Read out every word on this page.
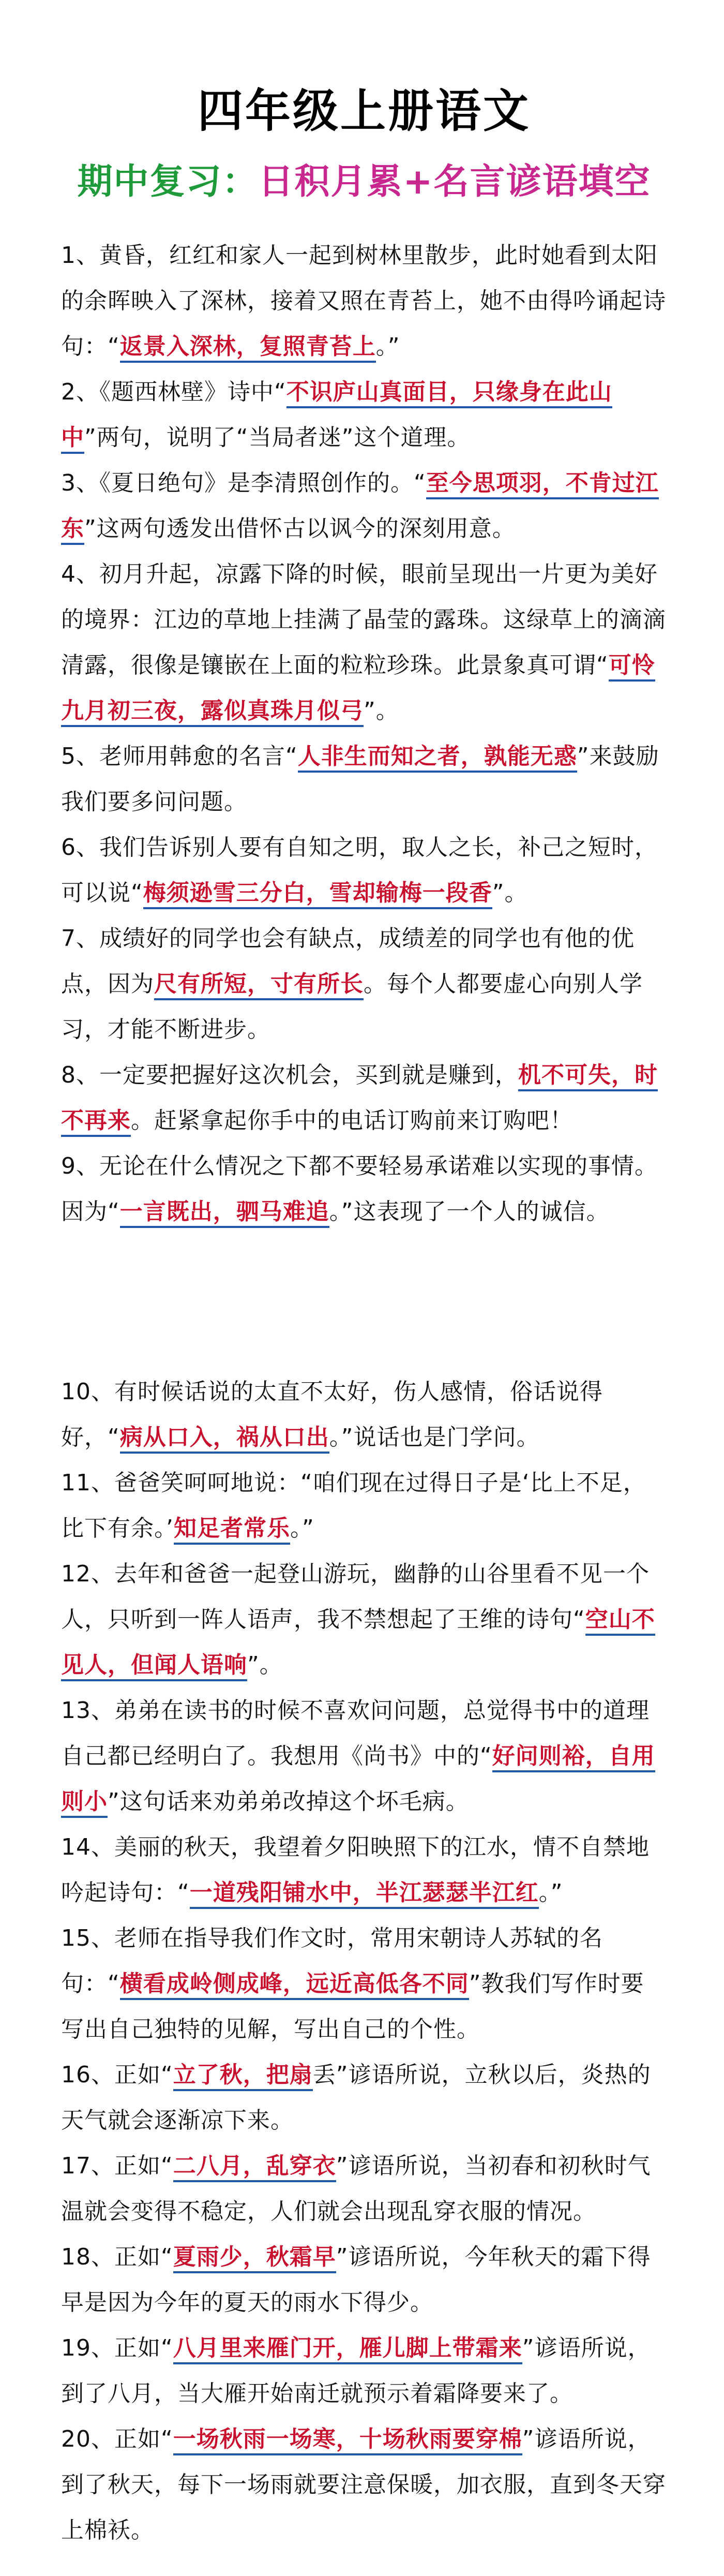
四年级上册语文
期中复习：日积月累+名言谚语填空

1、黄昏，红红和家人一起到树林里散步，此时她看到太阳的余晖映入了深林，接着又照在青苔上，她不由得吟诵起诗句：“返景入深林，复照青苔上。”

2、《题西林壁》诗中“不识庐山真面目，只缘身在此山中”两句，说明了“当局者迷”这个道理。

3、《夏日绝句》是李清照创作的。“至今思项羽，不肯过江东”这两句透发出借怀古以讽今的深刻用意。

4、初月升起，凉露下降的时候，眼前呈现出一片更为美好的境界：江边的草地上挂满了晶莹的露珠。这绿草上的滴滴清露，很像是镶嵌在上面的粒粒珍珠。此景象真可谓“可怜九月初三夜，露似真珠月似弓”。

5、老师用韩愈的名言“人非生而知之者，孰能无惑”来鼓励我们要多问问题。

6、我们告诉别人要有自知之明，取人之长，补己之短时，可以说“梅须逊雪三分白，雪却输梅一段香”。

7、成绩好的同学也会有缺点，成绩差的同学也有他的优点，因为尺有所短，寸有所长。每个人都要虚心向别人学习，才能不断进步。

8、一定要把握好这次机会，买到就是赚到，机不可失，时不再来。赶紧拿起你手中的电话订购前来订购吧！

9、无论在什么情况之下都不要轻易承诺难以实现的事情。因为“一言既出，驷马难追。”这表现了一个人的诚信。

10、有时候话说的太直不太好，伤人感情，俗话说得好，“病从口入，祸从口出。”说话也是门学问。

11、爸爸笑呵呵地说：“咱们现在过得日子是‘比上不足，比下有余。’知足者常乐。”

12、去年和爸爸一起登山游玩，幽静的山谷里看不见一个人，只听到一阵人语声，我不禁想起了王维的诗句“空山不见人，但闻人语响”。

13、弟弟在读书的时候不喜欢问问题，总觉得书中的道理自己都已经明白了。我想用《尚书》中的“好问则裕，自用则小”这句话来劝弟弟改掉这个坏毛病。

14、美丽的秋天，我望着夕阳映照下的江水，情不自禁地吟起诗句：“一道残阳铺水中，半江瑟瑟半江红。”

15、老师在指导我们作文时，常用宋朝诗人苏轼的名句：“横看成岭侧成峰，远近高低各不同”教我们写作时要写出自己独特的见解，写出自己的个性。

16、正如“立了秋，把扇丢”谚语所说，立秋以后，炎热的天气就会逐渐凉下来。

17、正如“二八月，乱穿衣”谚语所说，当初春和初秋时气温就会变得不稳定，人们就会出现乱穿衣服的情况。

18、正如“夏雨少，秋霜早”谚语所说，今年秋天的霜下得早是因为今年的夏天的雨水下得少。

19、正如“八月里来雁门开，雁儿脚上带霜来”谚语所说，到了八月，当大雁开始南迁就预示着霜降要来了。

20、正如“一场秋雨一场寒，十场秋雨要穿棉”谚语所说，到了秋天，每下一场雨就要注意保暖，加衣服，直到冬天穿上棉袄。
